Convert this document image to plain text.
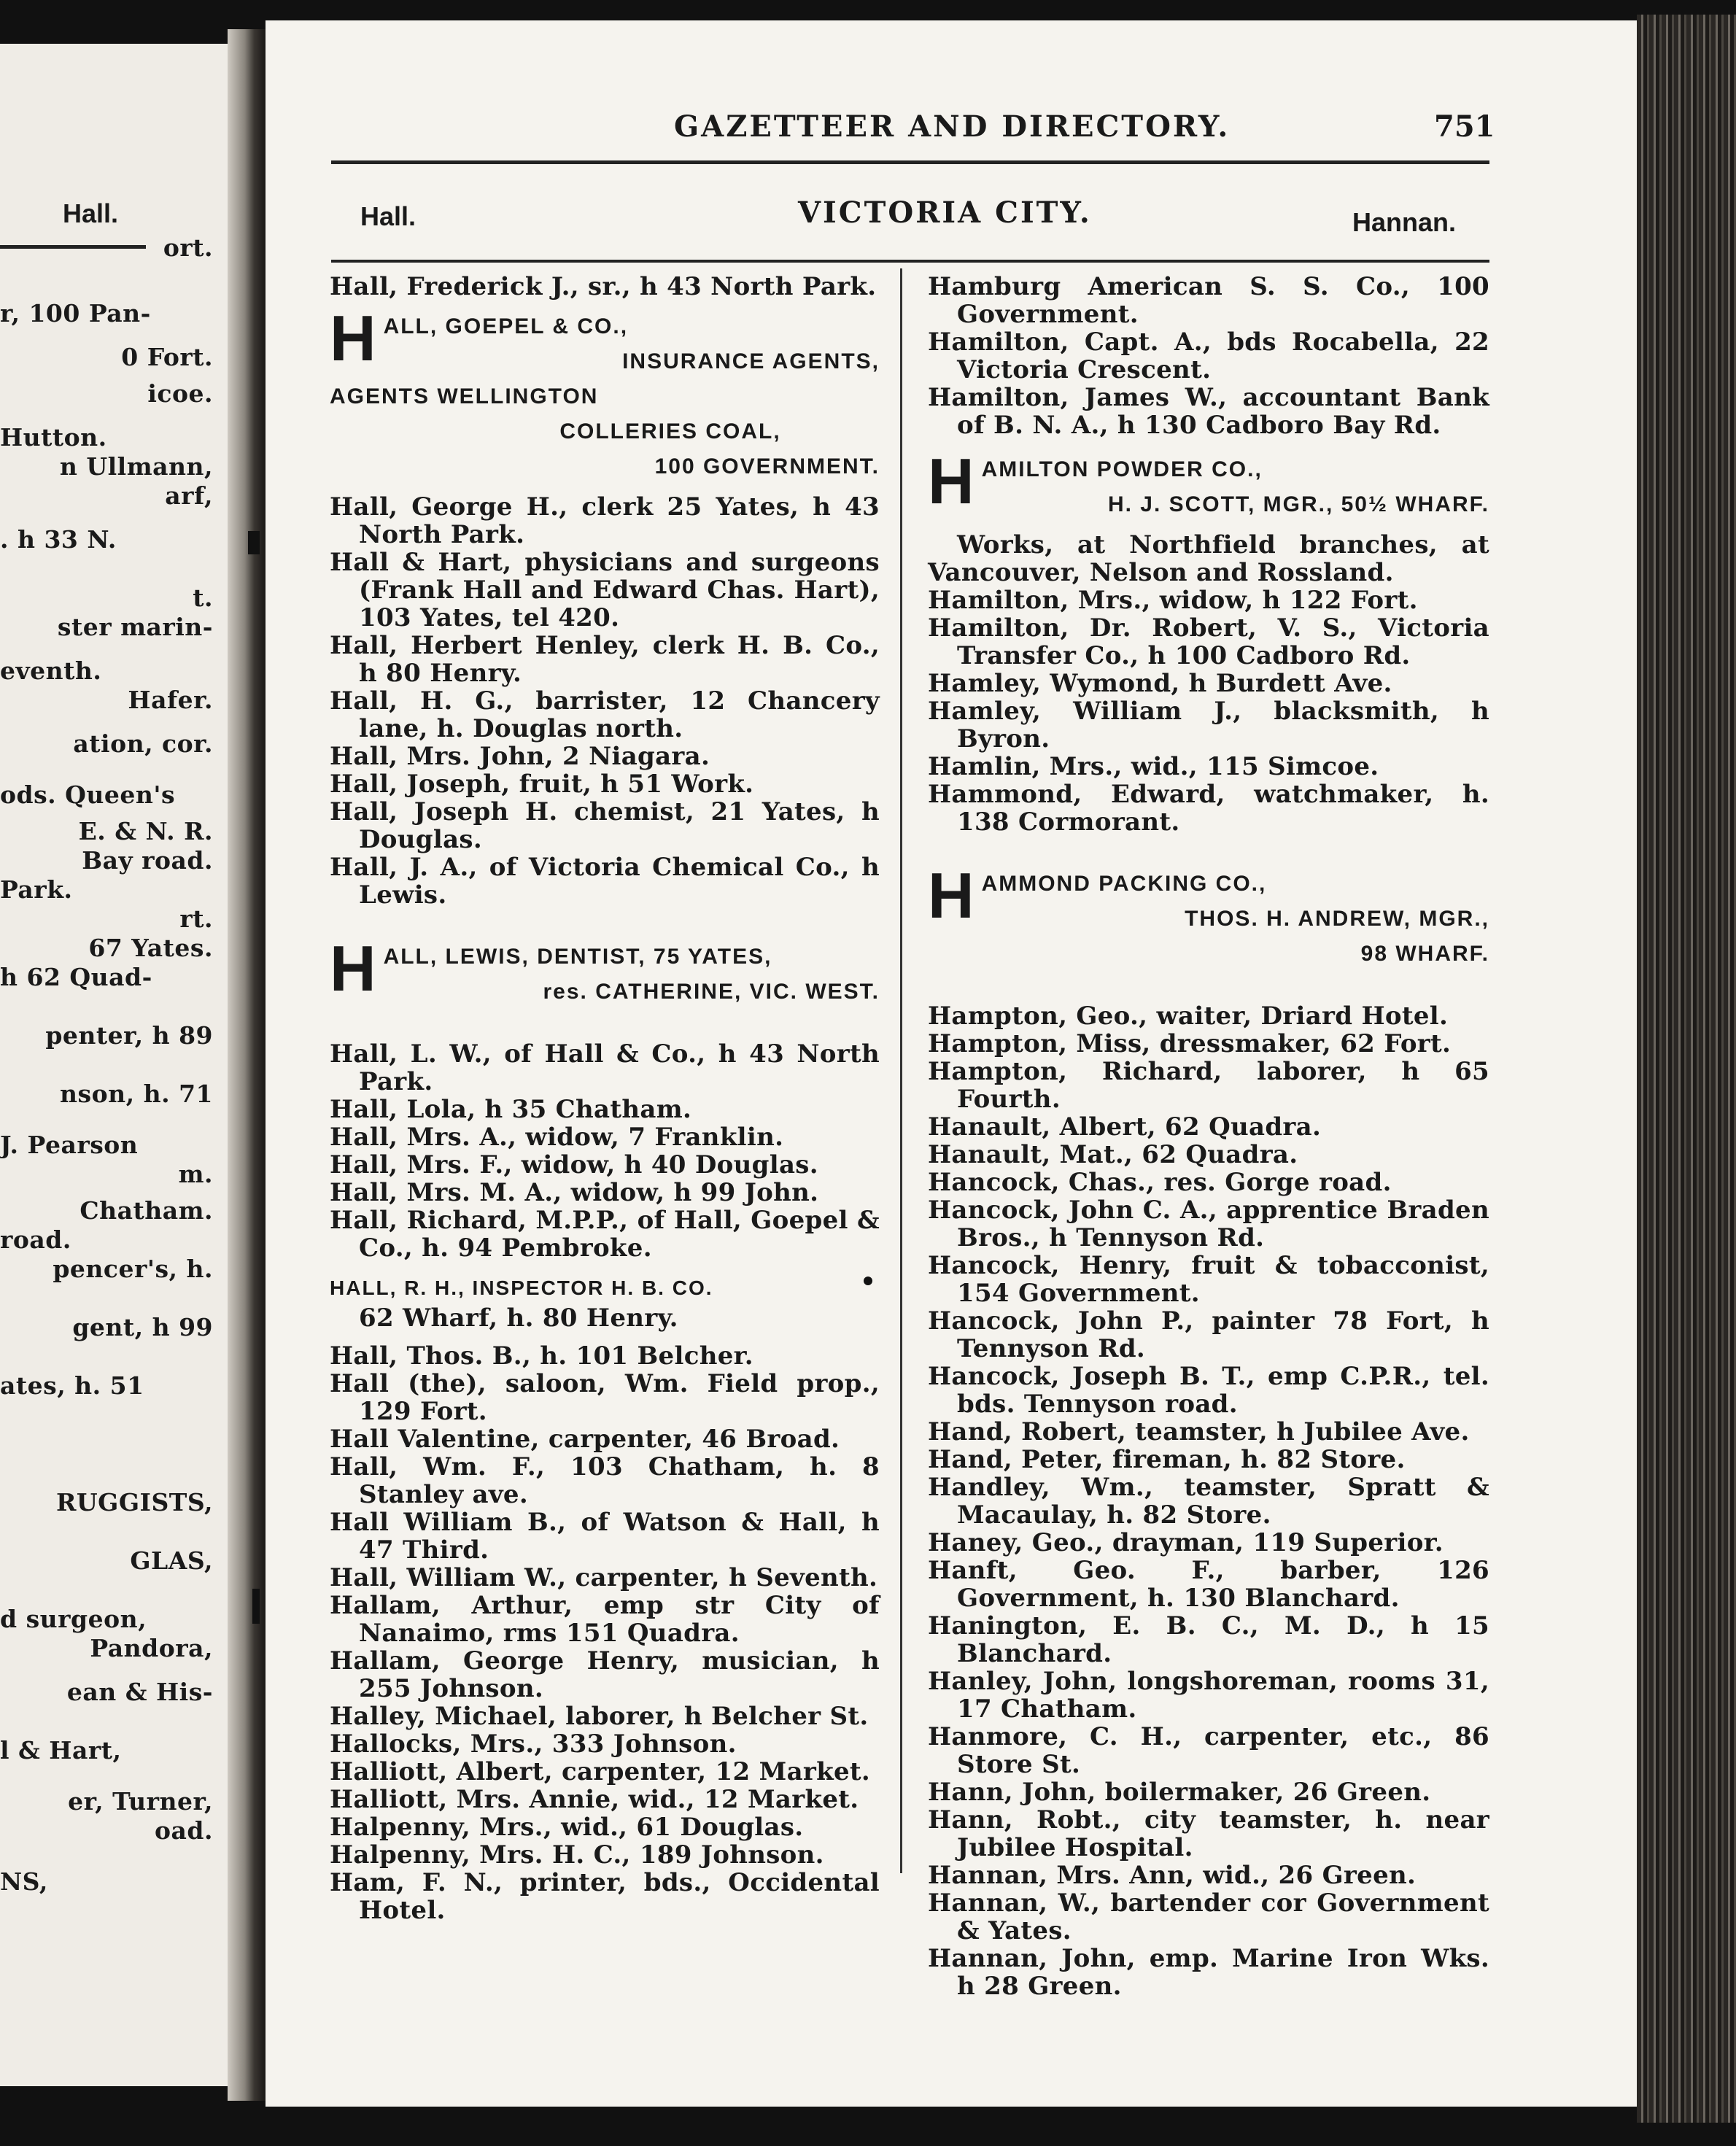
Hall.
ort.
r, 100 Pan-
0 Fort.
icoe.
Hutton.
n Ullmann,
arf,
. h 33 N.
t.
ster marin-
eventh.
Hafer.
ation, cor.
ods. Queen's
E. & N. R.
Bay road.
Park.
rt.
67 Yates.
h 62 Quad-
penter, h 89
nson, h. 71
J. Pearson
m.
Chatham.
road.
pencer's, h.
gent, h 99
ates, h. 51
RUGGISTS,
GLAS,
d surgeon,
Pandora,
ean & His-
l & Hart,
er, Turner,
oad.
NS,
GAZETTEER AND DIRECTORY.	751
Hall.	VICTORIA CITY.	Hannan.
Hall, Frederick J., sr., h 43 North Park.
H ALL, GOEPEL & CO.,
INSURANCE AGENTS,
AGENTS WELLINGTON
COLLERIES COAL,
100 GOVERNMENT.
Hall, George H., clerk 25 Yates, h 43 North Park.
Hall & Hart, physicians and surgeons (Frank Hall and Edward Chas. Hart), 103 Yates, tel 420.
Hall, Herbert Henley, clerk H. B. Co., h 80 Henry.
Hall, H. G., barrister, 12 Chancery lane, h. Douglas north.
Hall, Mrs. John, 2 Niagara.
Hall, Joseph, fruit, h 51 Work.
Hall, Joseph H. chemist, 21 Yates, h Douglas.
Hall, J. A., of Victoria Chemical Co., h Lewis.
H ALL, LEWIS, DENTIST, 75 YATES,
res. CATHERINE, VIC. WEST.
Hall, L. W., of Hall & Co., h 43 North Park.
Hall, Lola, h 35 Chatham.
Hall, Mrs. A., widow, 7 Franklin.
Hall, Mrs. F., widow, h 40 Douglas.
Hall, Mrs. M. A., widow, h 99 John.
Hall, Richard, M.P.P., of Hall, Goepel & Co., h. 94 Pembroke.
HALL, R. H., INSPECTOR H. B. CO.
62 Wharf, h. 80 Henry.
Hall, Thos. B., h. 101 Belcher.
Hall (the), saloon, Wm. Field prop., 129 Fort.
Hall Valentine, carpenter, 46 Broad.
Hall, Wm. F., 103 Chatham, h. 8 Stanley ave.
Hall William B., of Watson & Hall, h 47 Third.
Hall, William W., carpenter, h Seventh.
Hallam, Arthur, emp str City of Nanaimo, rms 151 Quadra.
Hallam, George Henry, musician, h 255 Johnson.
Halley, Michael, laborer, h Belcher St.
Hallocks, Mrs., 333 Johnson.
Halliott, Albert, carpenter, 12 Market.
Halliott, Mrs. Annie, wid., 12 Market.
Halpenny, Mrs., wid., 61 Douglas.
Halpenny, Mrs. H. C., 189 Johnson.
Ham, F. N., printer, bds., Occidental Hotel.
Hamburg American S. S. Co., 100 Government.
Hamilton, Capt. A., bds Rocabella, 22 Victoria Crescent.
Hamilton, James W., accountant Bank of B. N. A., h 130 Cadboro Bay Rd.
H AMILTON POWDER CO.,
H. J. SCOTT, MGR., 50½ WHARF.
Works, at Northfield branches, at Vancouver, Nelson and Rossland.
Hamilton, Mrs., widow, h 122 Fort.
Hamilton, Dr. Robert, V. S., Victoria Transfer Co., h 100 Cadboro Rd.
Hamley, Wymond, h Burdett Ave.
Hamley, William J., blacksmith, h Byron.
Hamlin, Mrs., wid., 115 Simcoe.
Hammond, Edward, watchmaker, h. 138 Cormorant.
H AMMOND PACKING CO.,
THOS. H. ANDREW, MGR.,
98 WHARF.
Hampton, Geo., waiter, Driard Hotel.
Hampton, Miss, dressmaker, 62 Fort.
Hampton, Richard, laborer, h 65 Fourth.
Hanault, Albert, 62 Quadra.
Hanault, Mat., 62 Quadra.
Hancock, Chas., res. Gorge road.
Hancock, John C. A., apprentice Braden Bros., h Tennyson Rd.
Hancock, Henry, fruit & tobacconist, 154 Government.
Hancock, John P., painter 78 Fort, h Tennyson Rd.
Hancock, Joseph B. T., emp C.P.R., tel. bds. Tennyson road.
Hand, Robert, teamster, h Jubilee Ave.
Hand, Peter, fireman, h. 82 Store.
Handley, Wm., teamster, Spratt & Macaulay, h. 82 Store.
Haney, Geo., drayman, 119 Superior.
Hanft, Geo. F., barber, 126 Government, h. 130 Blanchard.
Hanington, E. B. C., M. D., h 15 Blanchard.
Hanley, John, longshoreman, rooms 31, 17 Chatham.
Hanmore, C. H., carpenter, etc., 86 Store St.
Hann, John, boilermaker, 26 Green.
Hann, Robt., city teamster, h. near Jubilee Hospital.
Hannan, Mrs. Ann, wid., 26 Green.
Hannan, W., bartender cor Government & Yates.
Hannan, John, emp. Marine Iron Wks. h 28 Green.
